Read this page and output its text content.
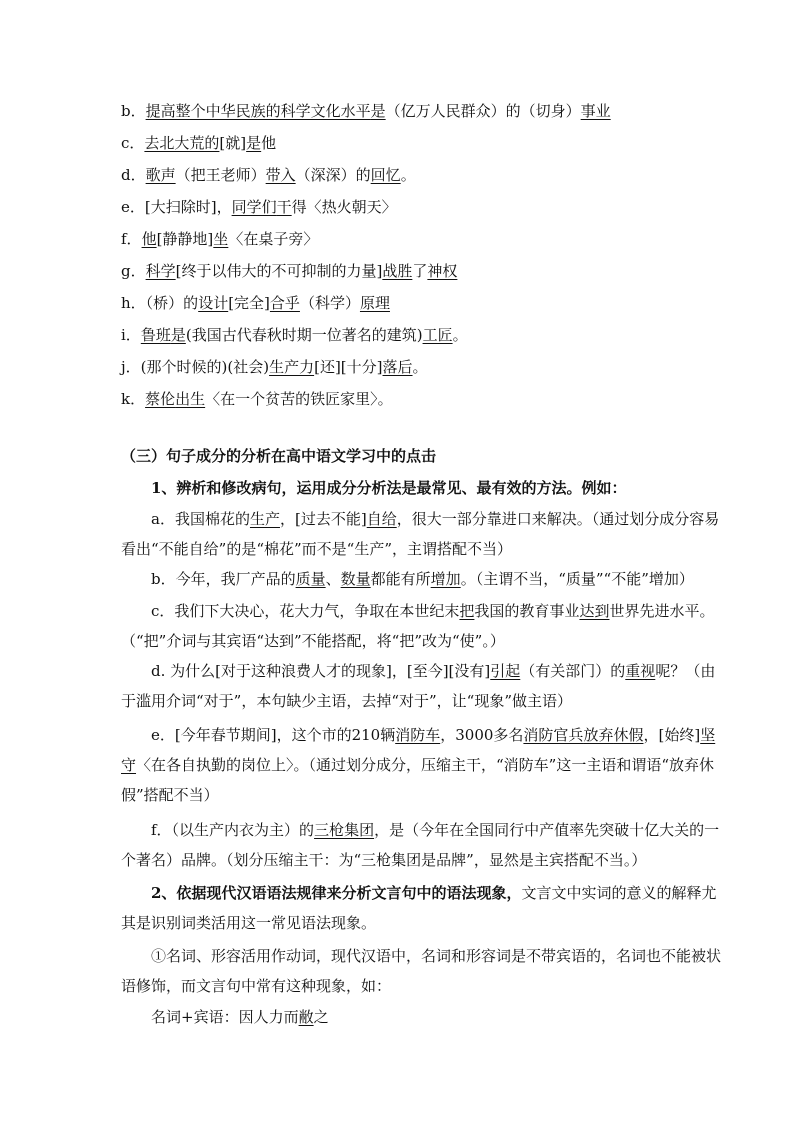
b．提高整个中华民族的科学文化水平是（亿万人民群众）的（切身）事业
c．去北大荒的[就]是他
d．歌声（把王老师）带入（深深）的回忆。
e．[大扫除时]，同学们干得〈热火朝天〉
f．他[静静地]坐〈在桌子旁〉
g．科学[终于以伟大的不可抑制的力量]战胜了神权
h．（桥）的设计[完全]合乎（科学）原理
i．鲁班是(我国古代春秋时期一位著名的建筑)工匠。
j．(那个时候的)(社会)生产力[还][十分]落后。
k．蔡伦出生〈在一个贫苦的铁匠家里〉。
（三）句子成分的分析在高中语文学习中的点击
1、辨析和修改病句，运用成分分析法是最常见、最有效的方法。例如：
a．我国棉花的生产，[过去不能]自给，很大一部分靠进口来解决。（通过划分成分容易看出“不能自给”的是“棉花”而不是“生产”，主谓搭配不当）
b．今年，我厂产品的质量、数量都能有所增加。（主谓不当，“质量”“不能”增加）
c．我们下大决心，花大力气，争取在本世纪末把我国的教育事业达到世界先进水平。（“把”介词与其宾语“达到”不能搭配，将“把”改为“使”。）
d. 为什么[对于这种浪费人才的现象]，[至今][没有]引起（有关部门）的重视呢？（由于滥用介词“对于”，本句缺少主语，去掉“对于”，让“现象”做主语）
e．[今年春节期间]，这个市的210辆消防车，3000多名消防官兵放弃休假，[始终]坚守〈在各自执勤的岗位上〉。（通过划分成分，压缩主干，“消防车”这一主语和谓语“放弃休假”搭配不当）
f．（以生产内衣为主）的三枪集团，是（今年在全国同行中产值率先突破十亿大关的一个著名）品牌。（划分压缩主干：为“三枪集团是品牌”，显然是主宾搭配不当。）
2、依据现代汉语语法规律来分析文言句中的语法现象，文言文中实词的意义的解释尤其是识别词类活用这一常见语法现象。
①名词、形容活用作动词，现代汉语中，名词和形容词是不带宾语的，名词也不能被状语修饰，而文言句中常有这种现象，如：
名词+宾语：因人力而敝之
